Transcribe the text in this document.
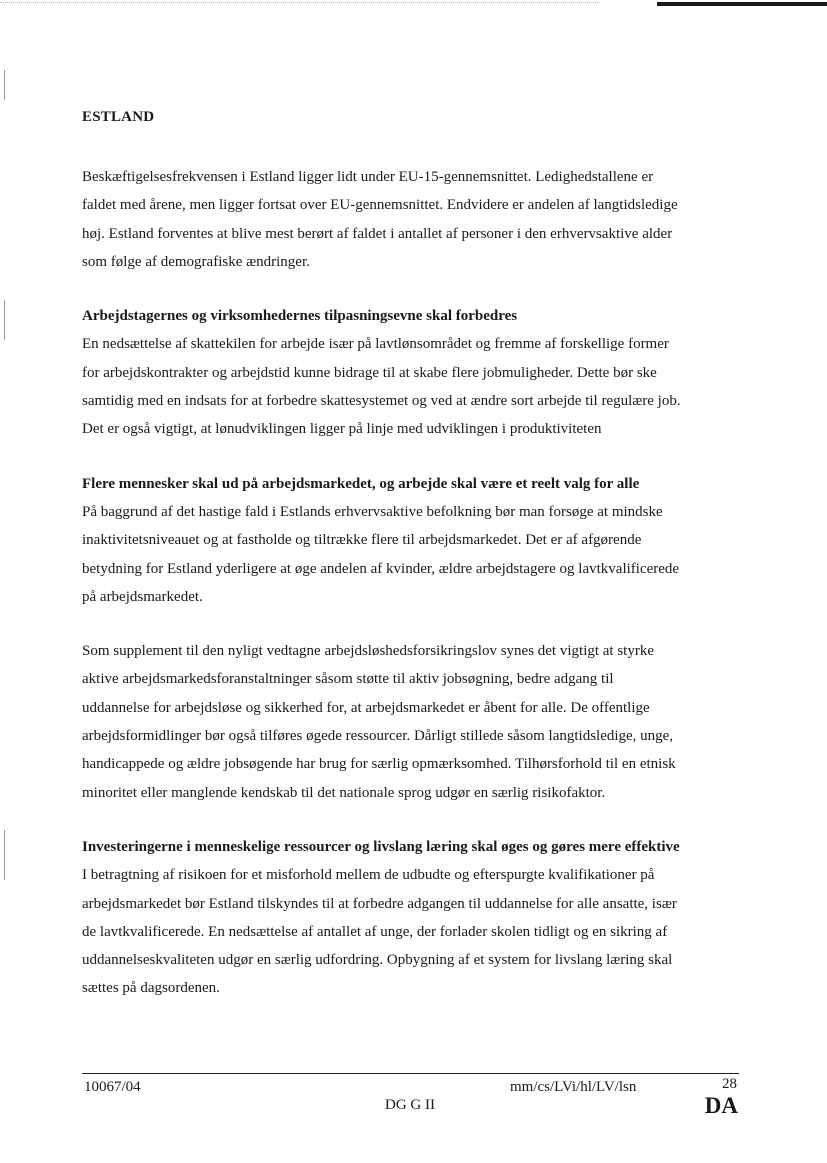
ESTLAND

Beskæftigelsesfrekvensen i Estland ligger lidt under EU-15-gennemsnittet. Ledighedstallene er

faldet med årene, men ligger fortsat over EU-gennemsnittet. Endvidere er andelen af langtidsledige

høj. Estland forventes at blive mest berørt af faldet i antallet af personer i den erhvervsaktive alder

som følge af demografiske ændringer.

Arbejdstagernes og virksomhedernes tilpasningsevne skal forbedres

En nedsættelse af skattekilen for arbejde især på lavtlønsområdet og fremme af forskellige former

for arbejdskontrakter og arbejdstid kunne bidrage til at skabe flere jobmuligheder. Dette bør ske

samtidig med en indsats for at forbedre skattesystemet og ved at ændre sort arbejde til regulære job.

Det er også vigtigt, at lønudviklingen ligger på linje med udviklingen i produktiviteten

Flere mennesker skal ud på arbejdsmarkedet, og arbejde skal være et reelt valg for alle

På baggrund af det hastige fald i Estlands erhvervsaktive befolkning bør man forsøge at mindske

inaktivitetsniveauet og at fastholde og tiltrække flere til arbejdsmarkedet. Det er af afgørende

betydning for Estland yderligere at øge andelen af kvinder, ældre arbejdstagere og lavtkvalificerede

på arbejdsmarkedet.

Som supplement til den nyligt vedtagne arbejdsløshedsforsikringslov synes det vigtigt at styrke

aktive arbejdsmarkedsforanstaltninger såsom støtte til aktiv jobsøgning, bedre adgang til

uddannelse for arbejdsløse og sikkerhed for, at arbejdsmarkedet er åbent for alle. De offentlige

arbejdsformidlinger bør også tilføres øgede ressourcer. Dårligt stillede såsom langtidsledige, unge,

handicappede og ældre jobsøgende har brug for særlig opmærksomhed. Tilhørsforhold til en etnisk

minoritet eller manglende kendskab til det nationale sprog udgør en særlig risikofaktor.

Investeringerne i menneskelige ressourcer og livslang læring skal øges og gøres mere effektive

I betragtning af risikoen for et misforhold mellem de udbudte og efterspurgte kvalifikationer på

arbejdsmarkedet bør Estland tilskyndes til at forbedre adgangen til uddannelse for alle ansatte, især

de lavtkvalificerede. En nedsættelse af antallet af unge, der forlader skolen tidligt og en sikring af

uddannelseskvaliteten udgør en særlig udfordring. Opbygning af et system for livslang læring skal

sættes på dagsordenen.

10067/04	mm/cs/LVi/hl/LV/lsn
DG G II
28
DA
